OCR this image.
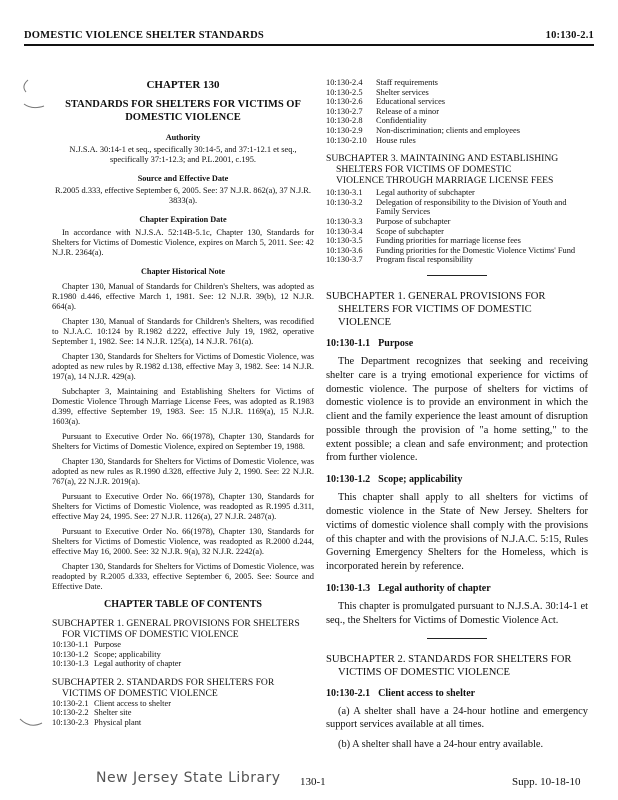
DOMESTIC VIOLENCE SHELTER STANDARDS	10:130-2.1
CHAPTER 130
STANDARDS FOR SHELTERS FOR VICTIMS OF
DOMESTIC VIOLENCE
Authority

N.J.S.A. 30:14-1 et seq., specifically 30:14-5, and 37:1-12.1 et seq., specifically 37:1-12.3; and P.L.2001, c.195.

Source and Effective Date

R.2005 d.333, effective September 6, 2005. See: 37 N.J.R. 862(a), 37 N.J.R. 3833(a).

Chapter Expiration Date

In accordance with N.J.S.A. 52:14B-5.1c, Chapter 130, Standards for Shelters for Victims of Domestic Violence, expires on March 5, 2011. See: 42 N.J.R. 2364(a).

Chapter Historical Note

Chapter 130, Manual of Standards for Children's Shelters, was adopted as R.1980 d.446, effective March 1, 1981. See: 12 N.J.R. 39(b), 12 N.J.R. 664(a).

Chapter 130, Manual of Standards for Children's Shelters, was recodified to N.J.A.C. 10:124 by R.1982 d.222, effective July 19, 1982, operative September 1, 1982. See: 14 N.J.R. 125(a), 14 N.J.R. 761(a).

Chapter 130, Standards for Shelters for Victims of Domestic Violence, was adopted as new rules by R.1982 d.138, effective May 3, 1982. See: 14 N.J.R. 197(a), 14 N.J.R. 429(a).

Subchapter 3, Maintaining and Establishing Shelters for Victims of Domestic Violence Through Marriage License Fees, was adopted as R.1983 d.399, effective September 19, 1983. See: 15 N.J.R. 1169(a), 15 N.J.R. 1603(a).

Pursuant to Executive Order No. 66(1978), Chapter 130, Standards for Shelters for Victims of Domestic Violence, expired on September 19, 1988.

Chapter 130, Standards for Shelters for Victims of Domestic Violence, was adopted as new rules as R.1990 d.328, effective July 2, 1990. See: 22 N.J.R. 767(a), 22 N.J.R. 2019(a).

Pursuant to Executive Order No. 66(1978), Chapter 130, Standards for Shelters for Victims of Domestic Violence, was readopted as R.1995 d.311, effective May 24, 1995. See: 27 N.J.R. 1126(a), 27 N.J.R. 2487(a).

Pursuant to Executive Order No. 66(1978), Chapter 130, Standards for Shelters for Victims of Domestic Violence, was readopted as R.2000 d.244, effective May 16, 2000. See: 32 N.J.R. 9(a), 32 N.J.R. 2242(a).

Chapter 130, Standards for Shelters for Victims of Domestic Violence, was readopted by R.2005 d.333, effective September 6, 2005. See: Source and Effective Date.

CHAPTER TABLE OF CONTENTS
SUBCHAPTER 1. GENERAL PROVISIONS FOR SHELTERS
FOR VICTIMS OF DOMESTIC VIOLENCE
10:130-1.1 Purpose
10:130-1.2 Scope; applicability
10:130-1.3 Legal authority of chapter
SUBCHAPTER 2. STANDARDS FOR SHELTERS FOR
VICTIMS OF DOMESTIC VIOLENCE
10:130-2.1 Client access to shelter
10:130-2.2 Shelter site
10:130-2.3 Physical plant
10:130-2.4	Staff requirements
10:130-2.5	Shelter services
10:130-2.6	Educational services
10:130-2.7	Release of a minor
10:130-2.8	Confidentiality
10:130-2.9	Non-discrimination; clients and employees
10:130-2.10	House rules
SUBCHAPTER 3. MAINTAINING AND ESTABLISHING
SHELTERS FOR VICTIMS OF DOMESTIC
VIOLENCE THROUGH MARRIAGE LICENSE FEES
10:130-3.1	Legal authority of subchapter
10:130-3.2	Delegation of responsibility to the Division of Youth and Family Services
10:130-3.3	Purpose of subchapter
10:130-3.4	Scope of subchapter
10:130-3.5	Funding priorities for marriage license fees
10:130-3.6	Funding priorities for the Domestic Violence Victims' Fund
10:130-3.7	Program fiscal responsibility
SUBCHAPTER 1. GENERAL PROVISIONS FOR
SHELTERS FOR VICTIMS OF DOMESTIC
VIOLENCE
10:130-1.1 Purpose

The Department recognizes that seeking and receiving shelter care is a trying emotional experience for victims of domestic violence. The purpose of shelters for victims of domestic violence is to provide an environment in which the client and the family experience the least amount of disruption possible through the provision of "a home setting," to the extent possible; a clean and safe environment; and protection from further violence.

10:130-1.2 Scope; applicability

This chapter shall apply to all shelters for victims of domestic violence in the State of New Jersey. Shelters for victims of domestic violence shall comply with the provisions of this chapter and with the provisions of N.J.A.C. 5:15, Rules Governing Emergency Shelters for the Homeless, which is incorporated herein by reference.

10:130-1.3 Legal authority of chapter

This chapter is promulgated pursuant to N.J.S.A. 30:14-1 et seq., the Shelters for Victims of Domestic Violence Act.

SUBCHAPTER 2. STANDARDS FOR SHELTERS FOR
VICTIMS OF DOMESTIC VIOLENCE
10:130-2.1 Client access to shelter

(a) A shelter shall have a 24-hour hotline and emergency support services available at all times.

(b) A shelter shall have a 24-hour entry available.

New Jersey State Library 130-1	Supp. 10-18-10
